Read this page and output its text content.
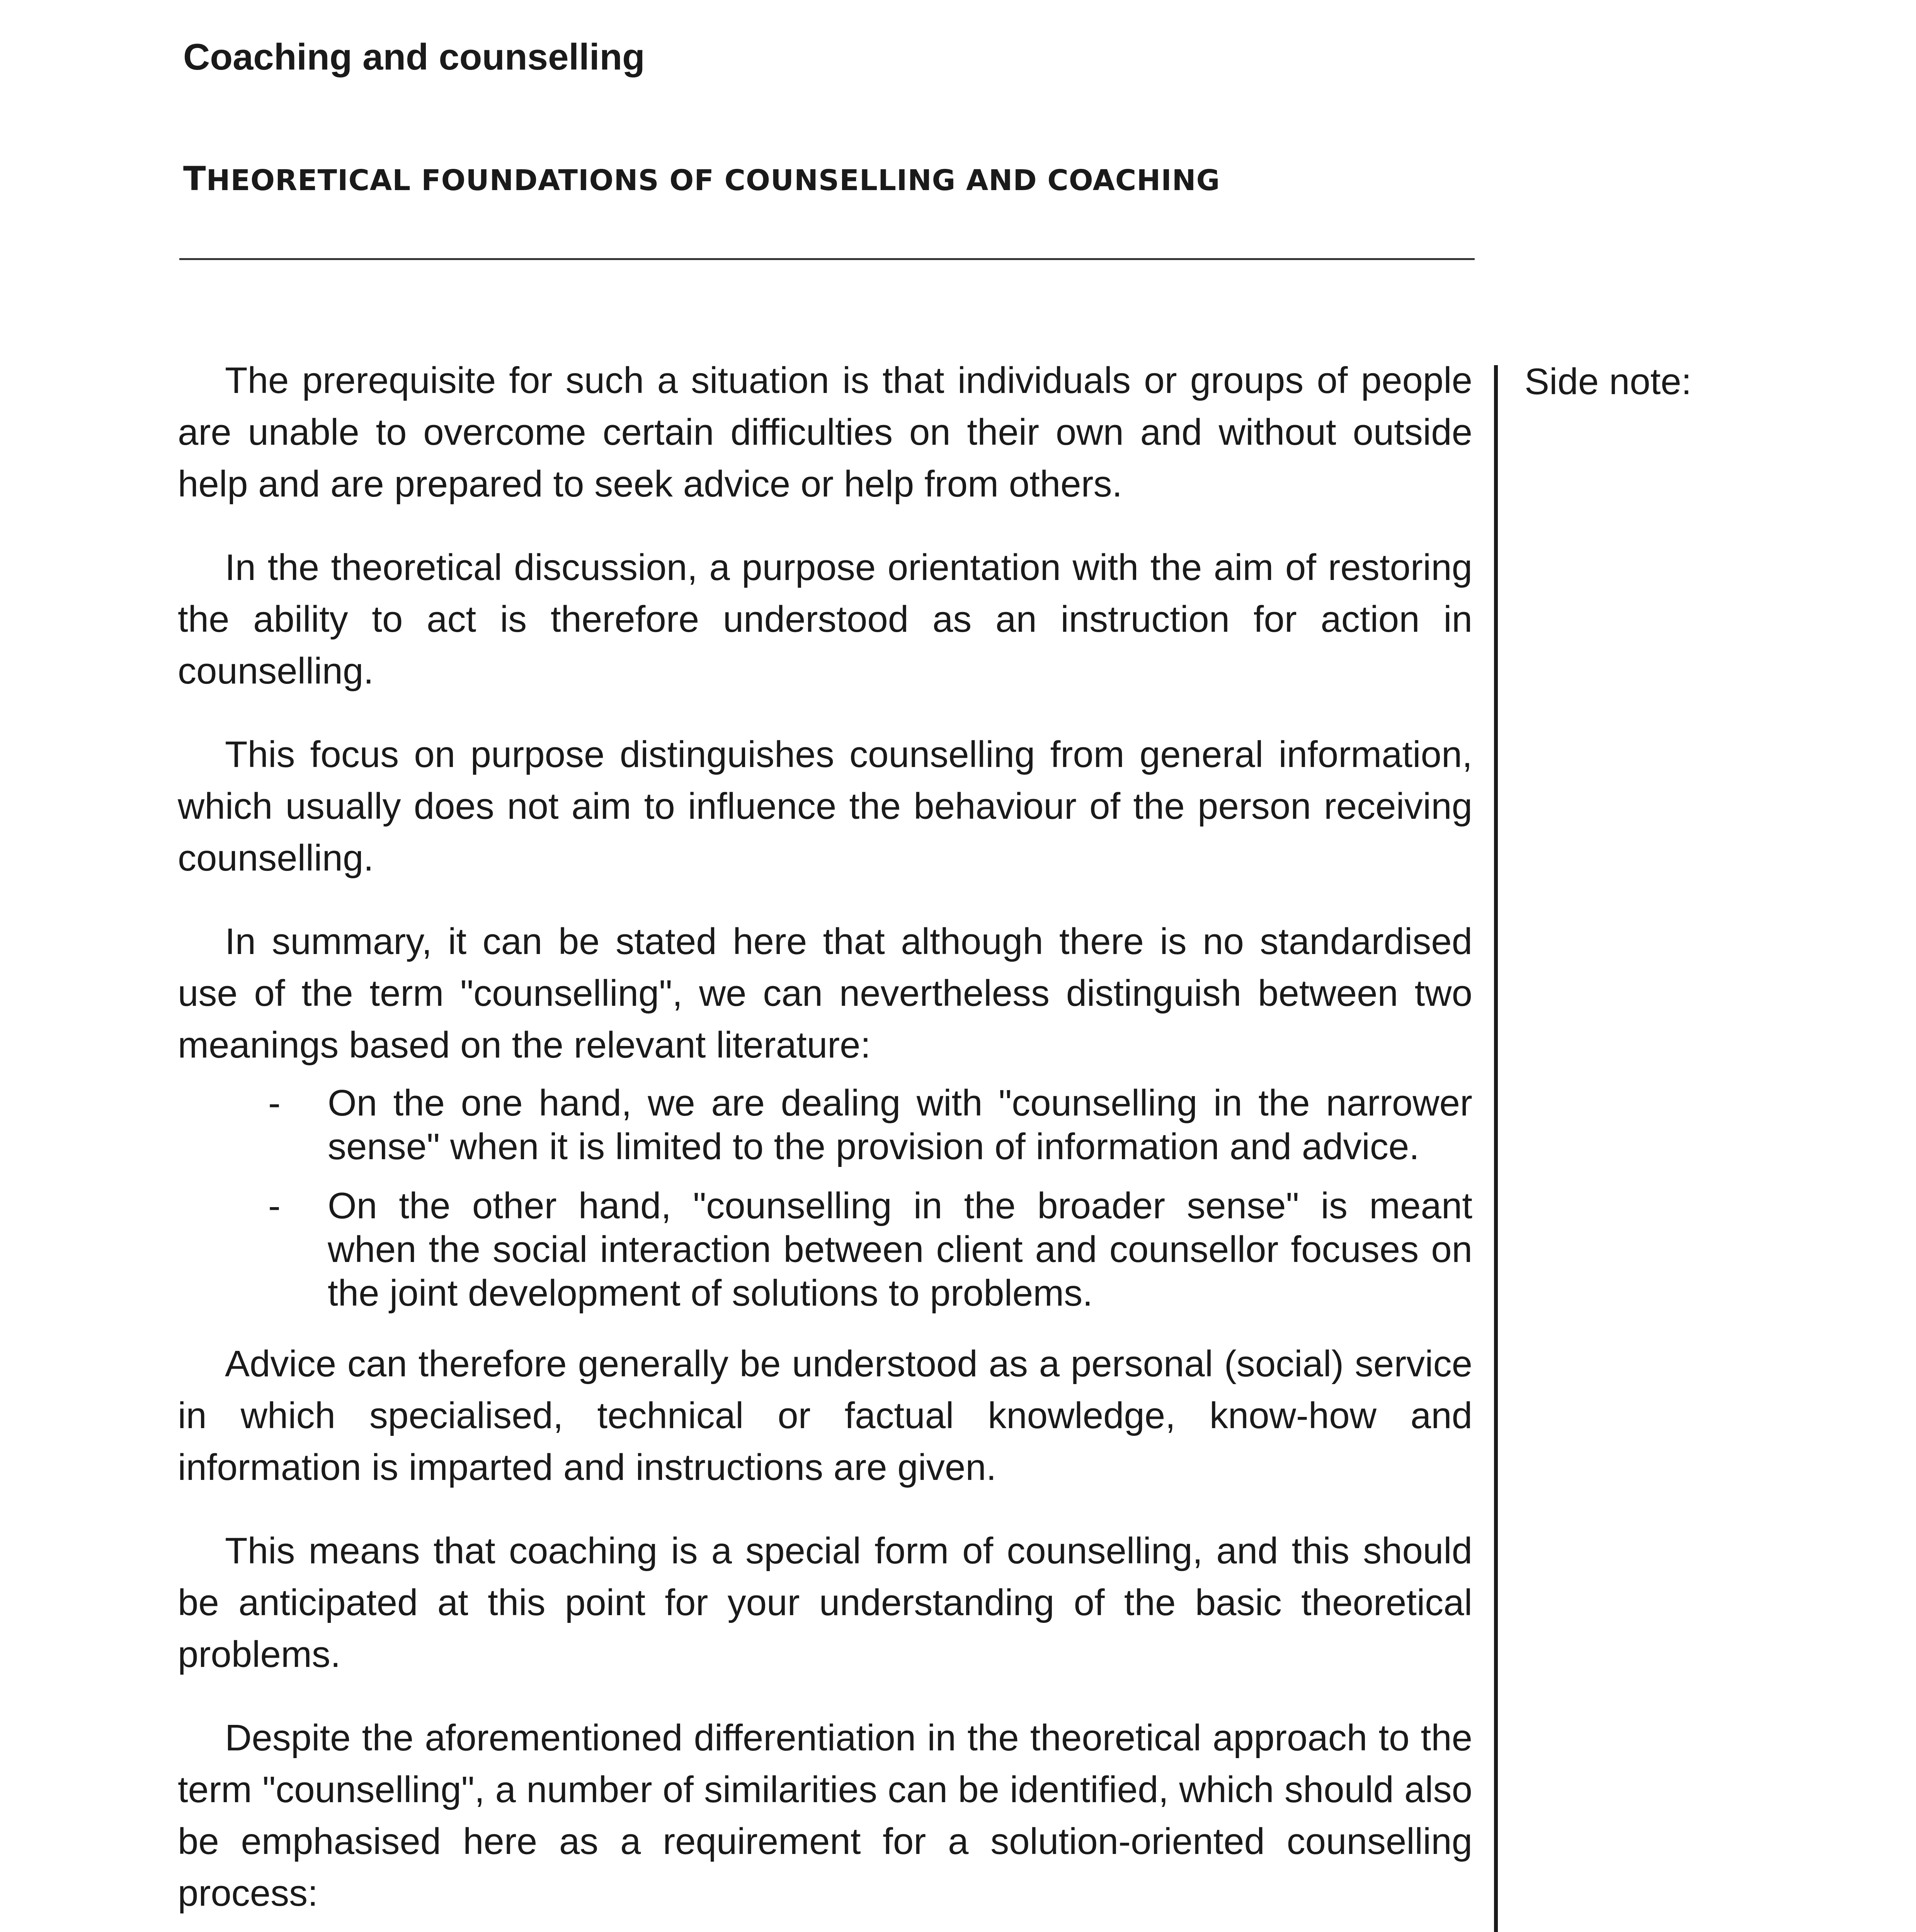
Coaching and counselling
THEORETICAL FOUNDATIONS OF COUNSELLING AND COACHING
Side note:

The prerequisite for such a situation is that individuals or groups of people are unable to overcome certain difficulties on their own and without outside help and are prepared to seek advice or help from others.

In the theoretical discussion, a purpose orientation with the aim of restoring the ability to act is therefore understood as an instruction for action in counselling.

This focus on purpose distinguishes counselling from general information, which usually does not aim to influence the behaviour of the person receiving counselling.

In summary, it can be stated here that although there is no standardised use of the term "counselling", we can nevertheless distinguish between two meanings based on the relevant literature:

- On the one hand, we are dealing with "counselling in the narrower sense" when it is limited to the provision of information and advice.
- On the other hand, "counselling in the broader sense" is meant when the social interaction between client and counsellor focuses on the joint development of solutions to problems.

Advice can therefore generally be understood as a personal (social) service in which specialised, technical or factual knowledge, know-how and information is imparted and instructions are given.

This means that coaching is a special form of counselling, and this should be anticipated at this point for your understanding of the basic theoretical problems.

Despite the aforementioned differentiation in the theoretical approach to the term "counselling", a number of similarities can be identified, which should also be emphasised here as a requirement for a solution-oriented counselling process:
